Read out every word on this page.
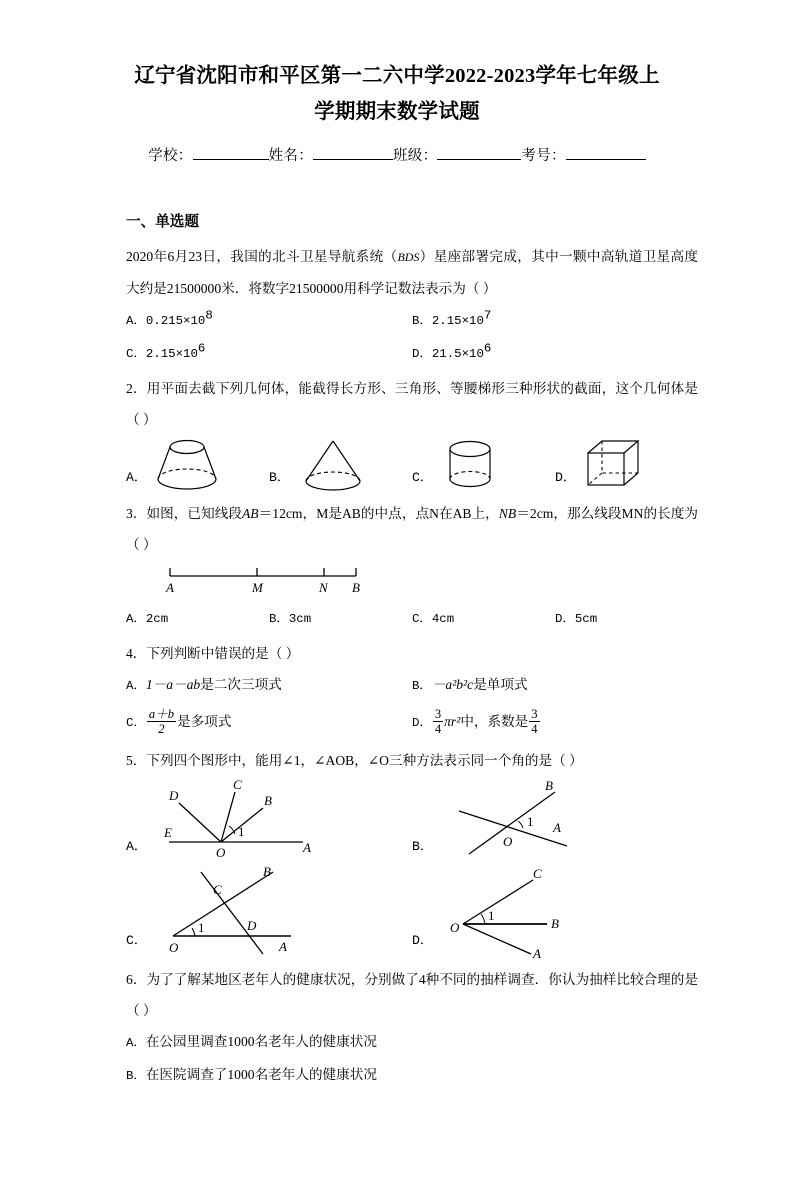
辽宁省沈阳市和平区第一二六中学2022-2023学年七年级上
学期期末数学试题
学校：	姓名：	班级：	考号：
一、单选题
2020年6月23日，我国的北斗卫星导航系统（BDS）星座部署完成，其中一颗中高轨道卫星高度大约是21500000米．将数字21500000用科学记数法表示为（ ）
A．$0.215\times 10^8$	B．$2.15\times 10^7$
C．$2.15\times 10^6$	D．$21.5\times 10^6$
2．用平面去截下列几何体，能截得长方形、三角形、等腰梯形三种形状的截面，这个几何体是（ ）
A．	B．	C．	D．
3．如图，已知线段AB＝12cm，M是AB的中点，点N在AB上，NB＝2cm，那么线段MN的长度为（ ）
A	M	N B
A．2cm	B．3cm	C．4cm	D．5cm
4．下列判断中错误的是（ ）
A．1－a－ab是二次三项式	B．－a²b²c是单项式
C． $\frac{a+b}{2}$ 是多项式	D． $\frac{3}{4} \pi r^2$中，系数是 $\frac{3}{4}$
5．下列四个图形中，能用∠1，∠AOB，∠O三种方法表示同一个角的是（ ）
A．
D
C
B
E
O	A
1
B．
B
O
A
1
C．
C
B
D
O	A
1
D．
C
O	B
A
1
6．为了了解某地区老年人的健康状况，分别做了4种不同的抽样调查．你认为抽样比较合理的是（ ）
A．在公园里调查1000名老年人的健康状况
B．在医院调查了1000名老年人的健康状况
